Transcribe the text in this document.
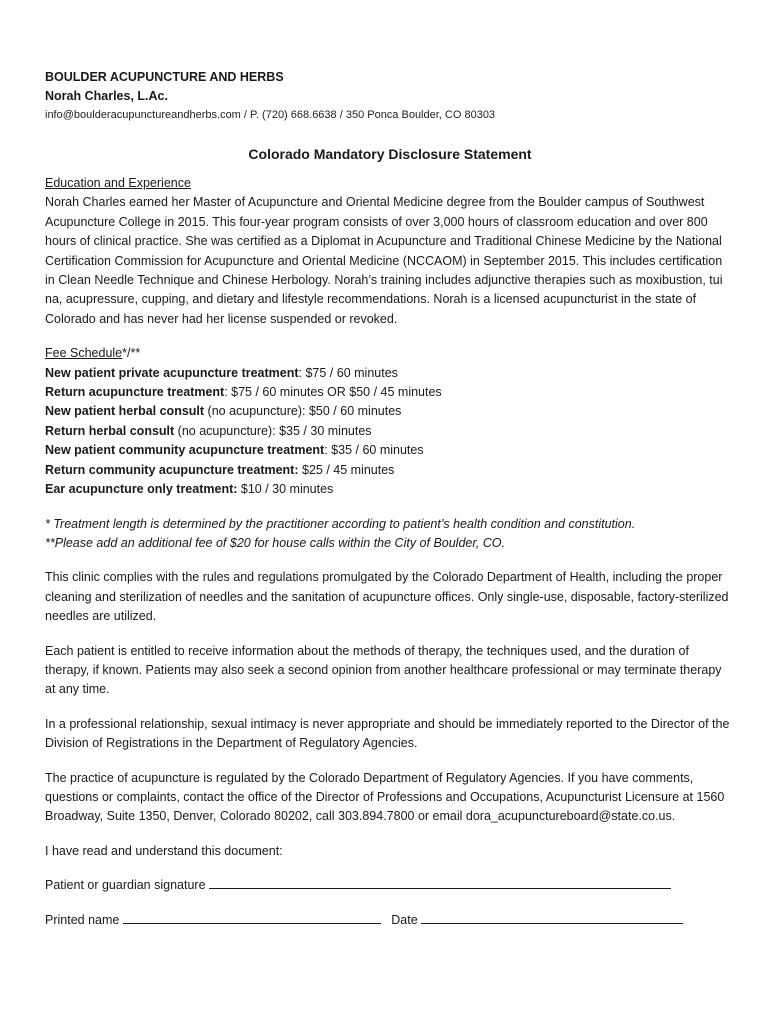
BOULDER ACUPUNCTURE AND HERBS
Norah Charles, L.Ac.
info@boulderacupunctureandherbs.com / P. (720) 668.6638 / 350 Ponca Boulder, CO 80303
Colorado Mandatory Disclosure Statement

Education and Experience

Norah Charles earned her Master of Acupuncture and Oriental Medicine degree from the Boulder campus of Southwest Acupuncture College in 2015. This four-year program consists of over 3,000 hours of classroom education and over 800 hours of clinical practice. She was certified as a Diplomat in Acupuncture and Traditional Chinese Medicine by the National Certification Commission for Acupuncture and Oriental Medicine (NCCAOM) in September 2015. This includes certification in Clean Needle Technique and Chinese Herbology. Norah’s training includes adjunctive therapies such as moxibustion, tui na, acupressure, cupping, and dietary and lifestyle recommendations. Norah is a licensed acupuncturist in the state of Colorado and has never had her license suspended or revoked.

Fee Schedule*/**

New patient private acupuncture treatment: $75 / 60 minutes

Return acupuncture treatment: $75 / 60 minutes OR $50 / 45 minutes

New patient herbal consult (no acupuncture): $50 / 60 minutes

Return herbal consult (no acupuncture): $35 / 30 minutes

New patient community acupuncture treatment: $35 / 60 minutes

Return community acupuncture treatment: $25 / 45 minutes

Ear acupuncture only treatment: $10 / 30 minutes

* Treatment length is determined by the practitioner according to patient’s health condition and constitution.

**Please add an additional fee of $20 for house calls within the City of Boulder, CO.

This clinic complies with the rules and regulations promulgated by the Colorado Department of Health, including the proper cleaning and sterilization of needles and the sanitation of acupuncture offices. Only single-use, disposable, factory-sterilized needles are utilized.

Each patient is entitled to receive information about the methods of therapy, the techniques used, and the duration of therapy, if known. Patients may also seek a second opinion from another healthcare professional or may terminate therapy at any time.

In a professional relationship, sexual intimacy is never appropriate and should be immediately reported to the Director of the Division of Registrations in the Department of Regulatory Agencies.

The practice of acupuncture is regulated by the Colorado Department of Regulatory Agencies. If you have comments, questions or complaints, contact the office of the Director of Professions and Occupations, Acupuncturist Licensure at 1560 Broadway, Suite 1350, Denver, Colorado 80202, call 303.894.7800 or email dora_acupunctureboard@state.co.us.

I have read and understand this document:

Patient or guardian signature

Printed name	Date
